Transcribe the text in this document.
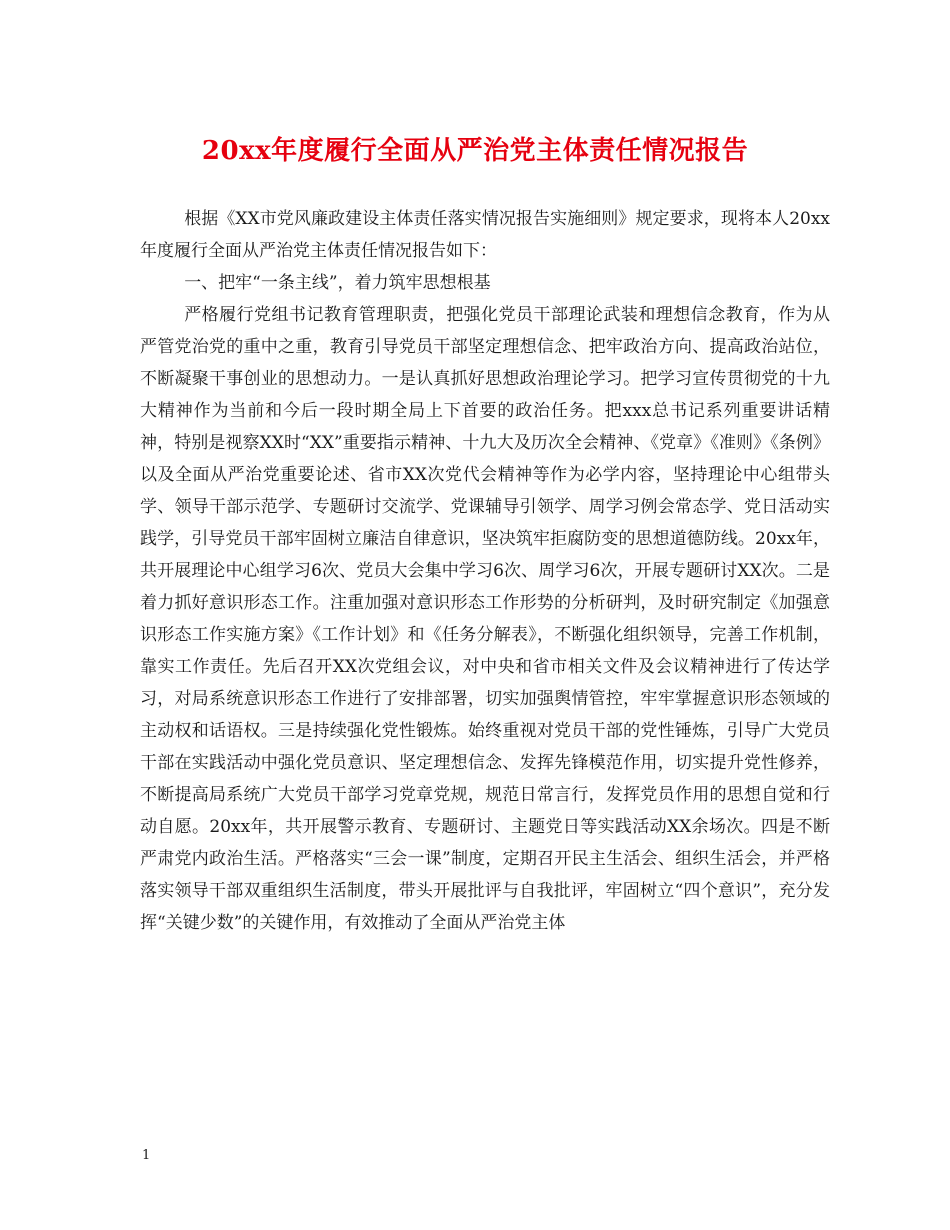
20xx年度履行全面从严治党主体责任情况报告

根据《XX市党风廉政建设主体责任落实情况报告实施细则》规定要求，现将本人20xx年度履行全面从严治党主体责任情况报告如下：

一、把牢“一条主线”，着力筑牢思想根基

严格履行党组书记教育管理职责，把强化党员干部理论武装和理想信念教育，作为从严管党治党的重中之重，教育引导党员干部坚定理想信念、把牢政治方向、提高政治站位，不断凝聚干事创业的思想动力。一是认真抓好思想政治理论学习。把学习宣传贯彻党的十九大精神作为当前和今后一段时期全局上下首要的政治任务。把xxx总书记系列重要讲话精神，特别是视察XX时“XX”重要指示精神、十九大及历次全会精神、《党章》《准则》《条例》以及全面从严治党重要论述、省市XX次党代会精神等作为必学内容，坚持理论中心组带头学、领导干部示范学、专题研讨交流学、党课辅导引领学、周学习例会常态学、党日活动实践学，引导党员干部牢固树立廉洁自律意识，坚决筑牢拒腐防变的思想道德防线。20xx年，共开展理论中心组学习6次、党员大会集中学习6次、周学习6次，开展专题研讨XX次。二是着力抓好意识形态工作。注重加强对意识形态工作形势的分析研判，及时研究制定《加强意识形态工作实施方案》《工作计划》和《任务分解表》，不断强化组织领导，完善工作机制，靠实工作责任。先后召开XX次党组会议，对中央和省市相关文件及会议精神进行了传达学习，对局系统意识形态工作进行了安排部署，切实加强舆情管控，牢牢掌握意识形态领域的主动权和话语权。三是持续强化党性锻炼。始终重视对党员干部的党性锤炼，引导广大党员干部在实践活动中强化党员意识、坚定理想信念、发挥先锋模范作用，切实提升党性修养，不断提高局系统广大党员干部学习党章党规，规范日常言行，发挥党员作用的思想自觉和行动自愿。20xx年，共开展警示教育、专题研讨、主题党日等实践活动XX余场次。四是不断严肃党内政治生活。严格落实“三会一课”制度，定期召开民主生活会、组织生活会，并严格落实领导干部双重组织生活制度，带头开展批评与自我批评，牢固树立“四个意识”，充分发挥“关键少数”的关键作用，有效推动了全面从严治党主体

1
